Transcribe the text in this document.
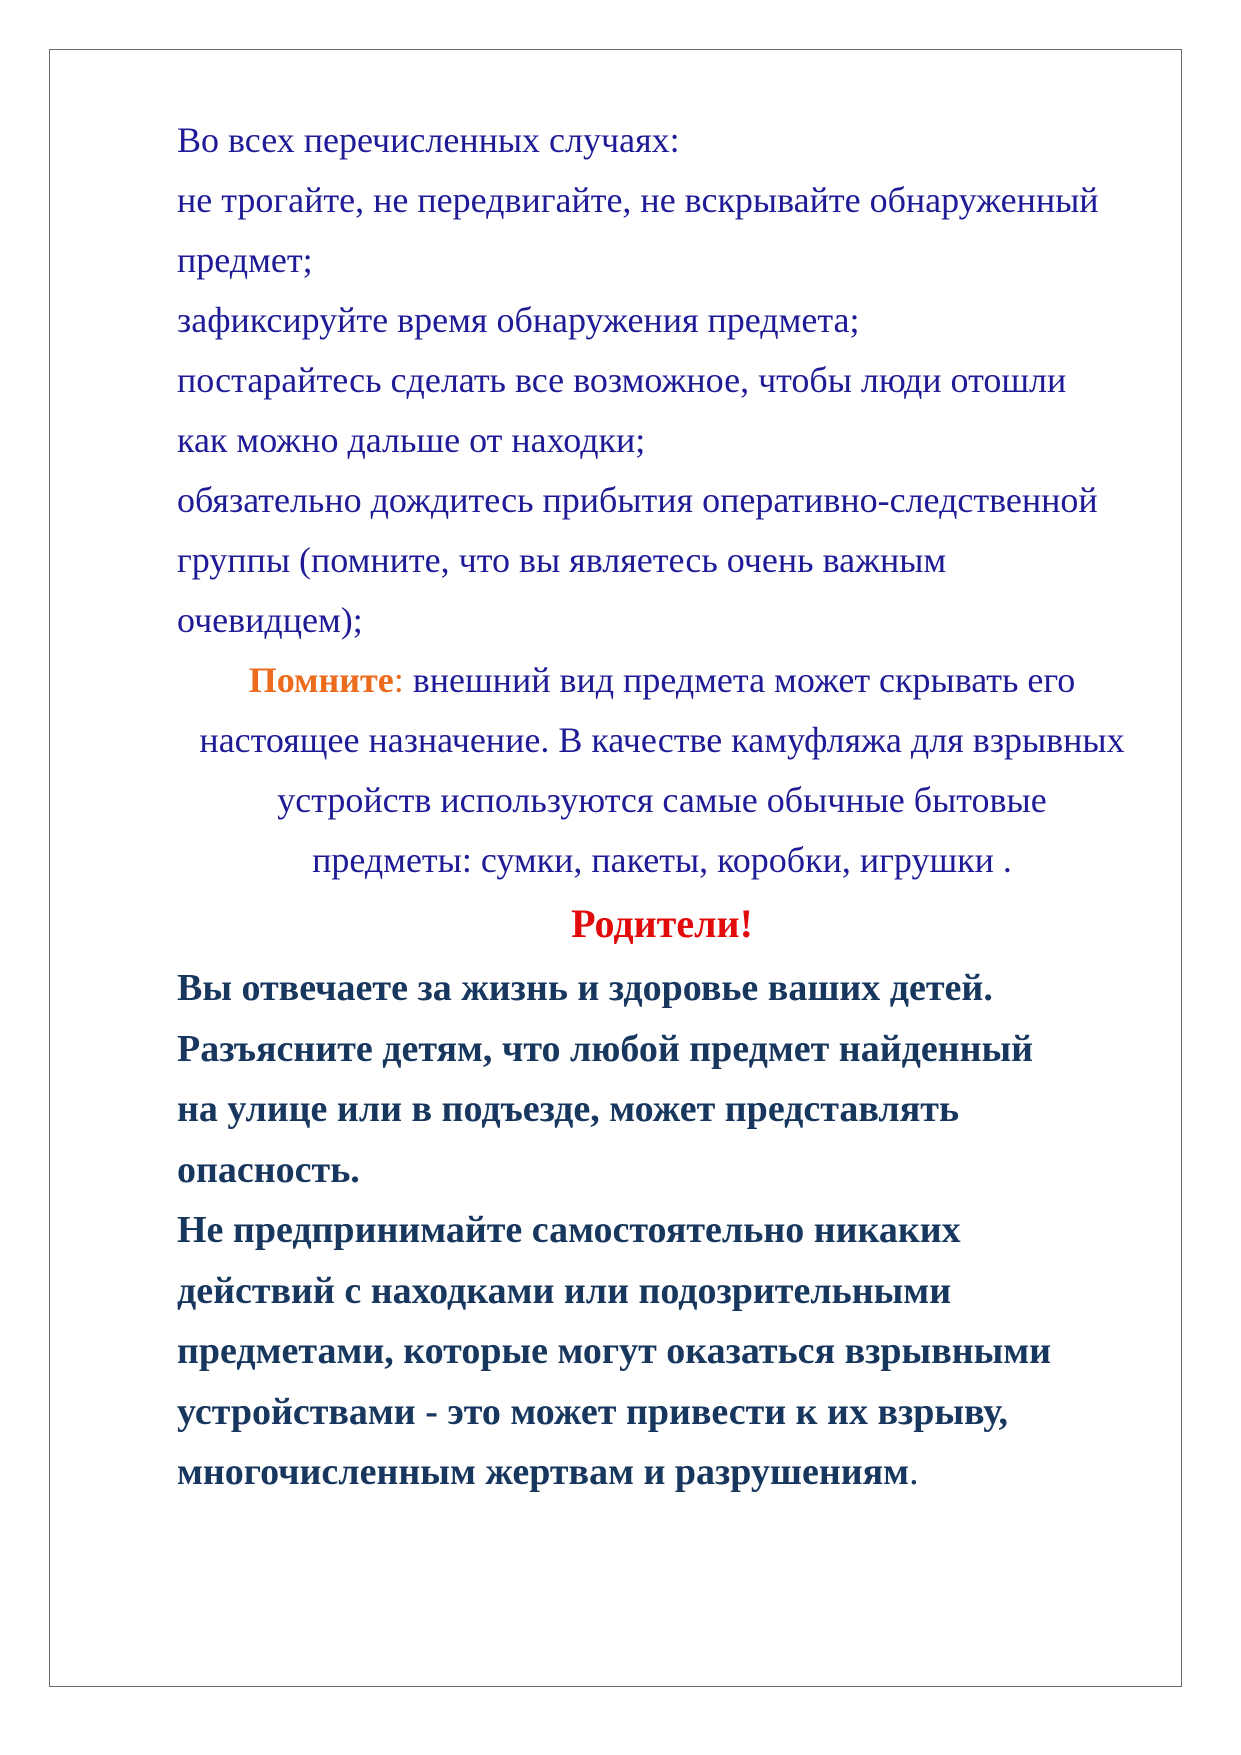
Во всех перечисленных случаях:

не трогайте, не передвигайте, не вскрывайте обнаруженный

предмет;

зафиксируйте время обнаружения предмета;

постарайтесь сделать все возможное, чтобы люди отошли

как можно дальше от находки;

обязательно дождитесь прибытия оперативно-следственной

группы (помните, что вы являетесь очень важным

очевидцем);

Помните: внешний вид предмета может скрывать его

настоящее назначение. В качестве камуфляжа для взрывных

устройств используются самые обычные бытовые

предметы: сумки, пакеты, коробки, игрушки .

Родители!

Вы отвечаете за жизнь и здоровье ваших детей.

Разъясните детям, что любой предмет найденный

на улице или в подъезде, может представлять

опасность.

Не предпринимайте самостоятельно никаких

действий с находками или подозрительными

предметами, которые могут оказаться взрывными

устройствами - это может привести к их взрыву,

многочисленным жертвам и разрушениям.
